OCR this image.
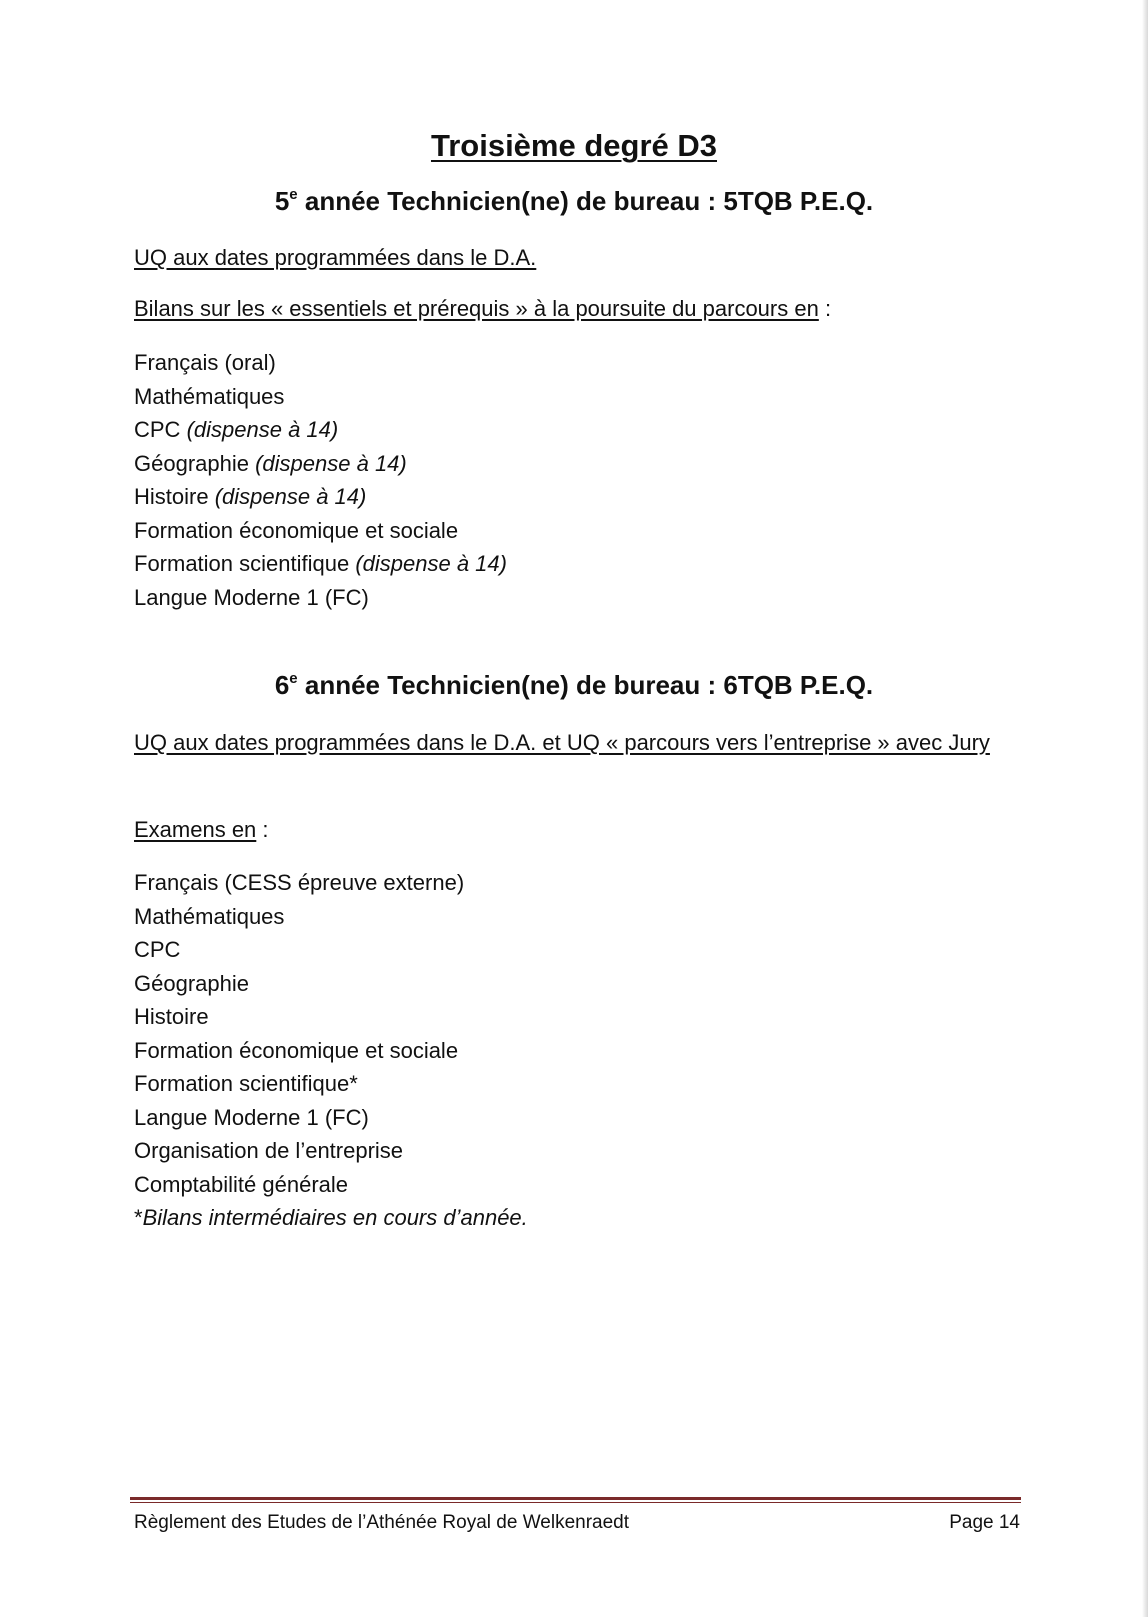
Troisième degré D3
5e année Technicien(ne) de bureau : 5TQB P.E.Q.

UQ aux dates programmées dans le D.A.

Bilans sur les « essentiels et prérequis » à la poursuite du parcours en :

Français (oral)
Mathématiques
CPC (dispense à 14)
Géographie (dispense à 14)
Histoire (dispense à 14)
Formation économique et sociale
Formation scientifique (dispense à 14)
Langue Moderne 1 (FC)
6e année Technicien(ne) de bureau : 6TQB P.E.Q.

UQ aux dates programmées dans le D.A. et UQ « parcours vers l’entreprise » avec Jury

Examens en :

Français (CESS épreuve externe)
Mathématiques
CPC
Géographie
Histoire
Formation économique et sociale
Formation scientifique*
Langue Moderne 1 (FC)
Organisation de l’entreprise
Comptabilité générale
*Bilans intermédiaires en cours d’année.
Règlement des Etudes de l’Athénée Royal de Welkenraedt	Page 14
